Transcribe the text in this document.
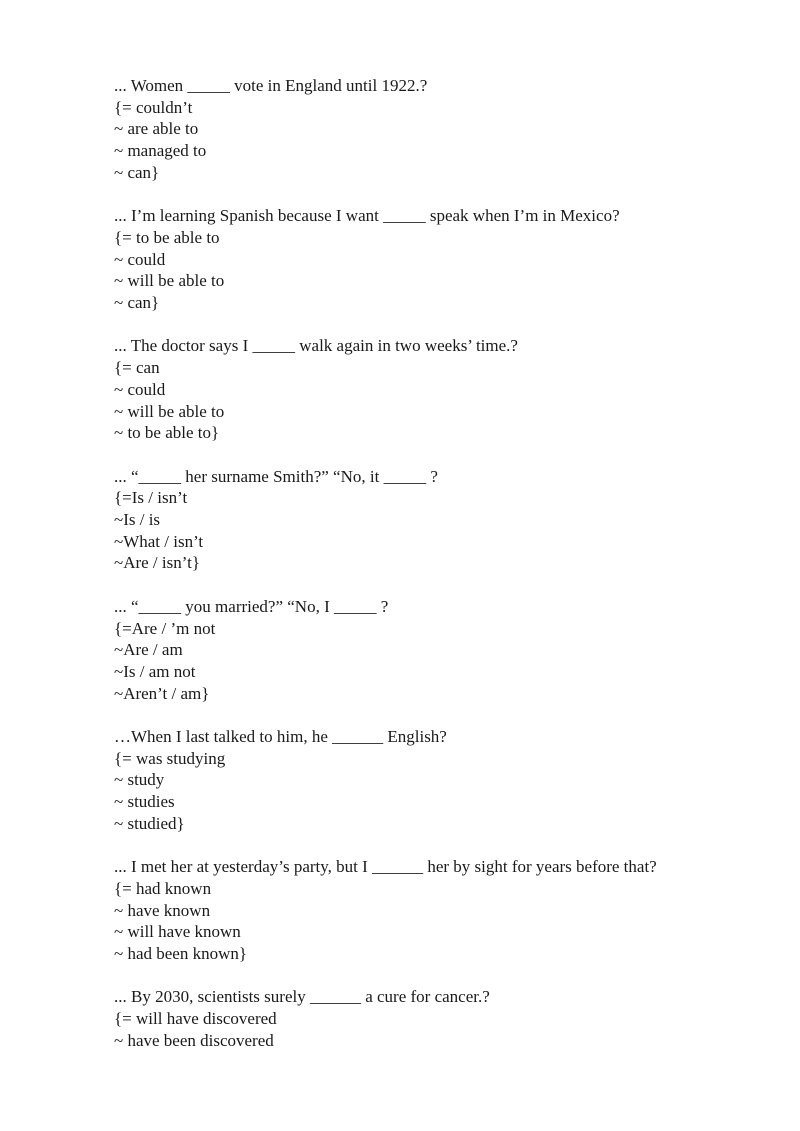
... Women _____ vote in England until 1922.?
{= couldn’t
~ are able to
~ managed to
~ can}
... I’m learning Spanish because I want _____ speak when I’m in Mexico?
{= to be able to
~ could
~ will be able to
~ can}
... The doctor says I _____ walk again in two weeks’ time.?
{= can
~ could
~ will be able to
~ to be able to}
... “_____ her surname Smith?” “No, it _____ ?
{=Is / isn’t
~Is / is
~What / isn’t
~Are / isn’t}
... “_____ you married?” “No, I _____ ?
{=Are / ’m not
~Are / am
~Is / am not
~Aren’t / am}
…When I last talked to him, he ______ English?
{= was studying
~ study
~ studies
~ studied}
... I met her at yesterday’s party, but I ______ her by sight for years before that?
{= had known
~ have known
~ will have known
~ had been known}
... By 2030, scientists surely ______ a cure for cancer.?
{= will have discovered
~ have been discovered
